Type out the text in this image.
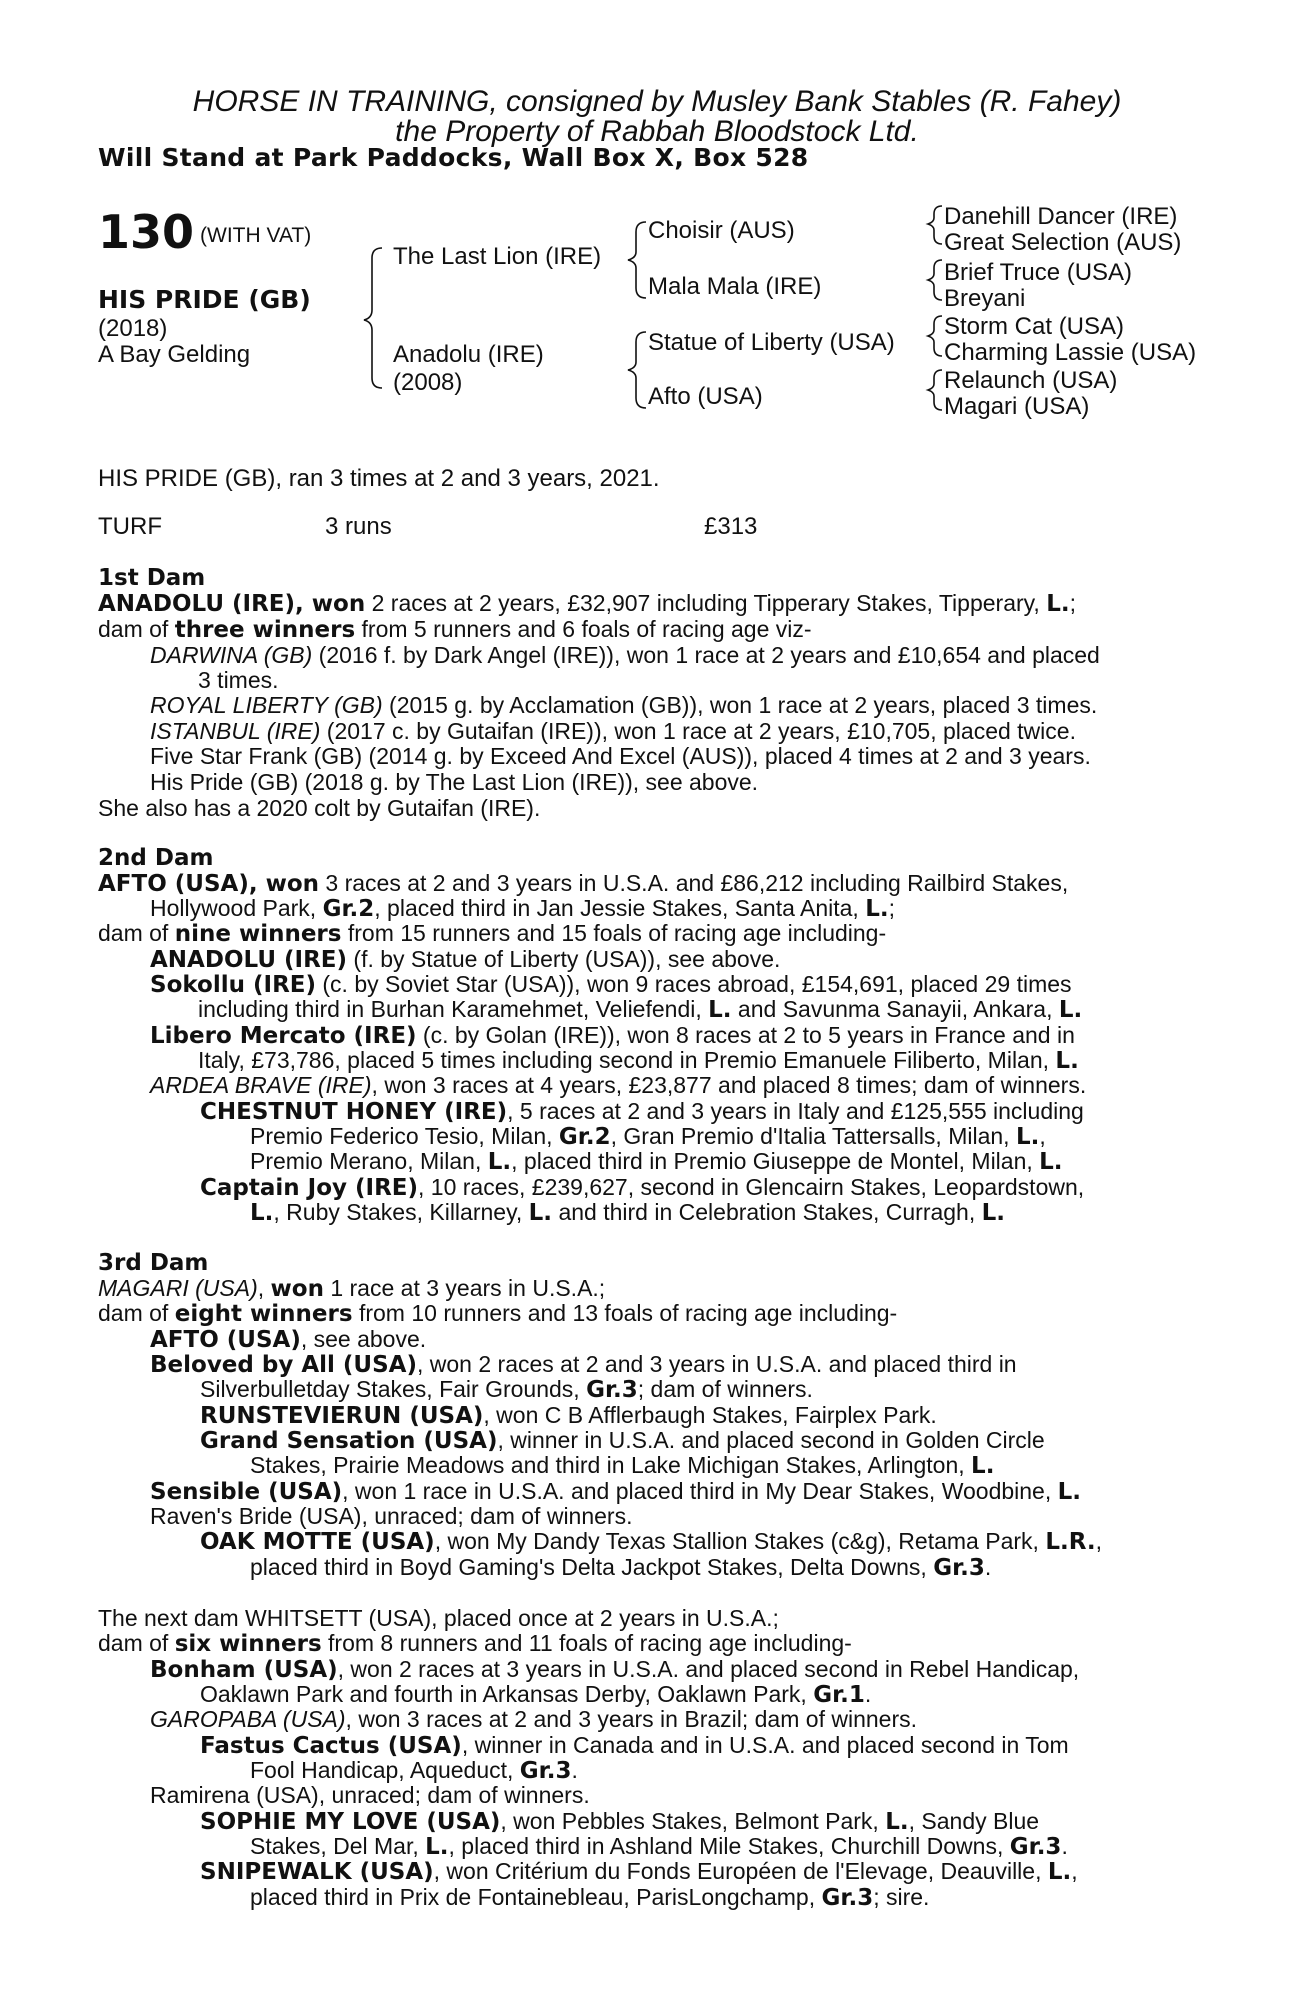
HORSE IN TRAINING, consigned by Musley Bank Stables (R. Fahey)
the Property of Rabbah Bloodstock Ltd.
Will Stand at Park Paddocks, Wall Box X, Box 528
130 (WITH VAT)
HIS PRIDE (GB)
(2018)
A Bay Gelding
The Last Lion (IRE)
Anadolu (IRE)
(2008)
Choisir (AUS)
Mala Mala (IRE)
Statue of Liberty (USA)
Afto (USA)
Danehill Dancer (IRE)
Great Selection (AUS)
Brief Truce (USA)
Breyani
Storm Cat (USA)
Charming Lassie (USA)
Relaunch (USA)
Magari (USA)
HIS PRIDE (GB), ran 3 times at 2 and 3 years, 2021.
TURF	3 runs	£313
1st Dam
ANADOLU (IRE), won 2 races at 2 years, £32,907 including Tipperary Stakes, Tipperary, L.;
dam of three winners from 5 runners and 6 foals of racing age viz-
DARWINA (GB) (2016 f. by Dark Angel (IRE)), won 1 race at 2 years and £10,654 and placed
3 times.
ROYAL LIBERTY (GB) (2015 g. by Acclamation (GB)), won 1 race at 2 years, placed 3 times.
ISTANBUL (IRE) (2017 c. by Gutaifan (IRE)), won 1 race at 2 years, £10,705, placed twice.
Five Star Frank (GB) (2014 g. by Exceed And Excel (AUS)), placed 4 times at 2 and 3 years.
His Pride (GB) (2018 g. by The Last Lion (IRE)), see above.
She also has a 2020 colt by Gutaifan (IRE).
2nd Dam
AFTO (USA), won 3 races at 2 and 3 years in U.S.A. and £86,212 including Railbird Stakes,
Hollywood Park, Gr.2, placed third in Jan Jessie Stakes, Santa Anita, L.;
dam of nine winners from 15 runners and 15 foals of racing age including-
ANADOLU (IRE) (f. by Statue of Liberty (USA)), see above.
Sokollu (IRE) (c. by Soviet Star (USA)), won 9 races abroad, £154,691, placed 29 times
including third in Burhan Karamehmet, Veliefendi, L. and Savunma Sanayii, Ankara, L.
Libero Mercato (IRE) (c. by Golan (IRE)), won 8 races at 2 to 5 years in France and in
Italy, £73,786, placed 5 times including second in Premio Emanuele Filiberto, Milan, L.
ARDEA BRAVE (IRE), won 3 races at 4 years, £23,877 and placed 8 times; dam of winners.
CHESTNUT HONEY (IRE), 5 races at 2 and 3 years in Italy and £125,555 including
Premio Federico Tesio, Milan, Gr.2, Gran Premio d'Italia Tattersalls, Milan, L.,
Premio Merano, Milan, L., placed third in Premio Giuseppe de Montel, Milan, L.
Captain Joy (IRE), 10 races, £239,627, second in Glencairn Stakes, Leopardstown,
L., Ruby Stakes, Killarney, L. and third in Celebration Stakes, Curragh, L.
3rd Dam
MAGARI (USA), won 1 race at 3 years in U.S.A.;
dam of eight winners from 10 runners and 13 foals of racing age including-
AFTO (USA), see above.
Beloved by All (USA), won 2 races at 2 and 3 years in U.S.A. and placed third in
Silverbulletday Stakes, Fair Grounds, Gr.3; dam of winners.
RUNSTEVIERUN (USA), won C B Afflerbaugh Stakes, Fairplex Park.
Grand Sensation (USA), winner in U.S.A. and placed second in Golden Circle
Stakes, Prairie Meadows and third in Lake Michigan Stakes, Arlington, L.
Sensible (USA), won 1 race in U.S.A. and placed third in My Dear Stakes, Woodbine, L.
Raven's Bride (USA), unraced; dam of winners.
OAK MOTTE (USA), won My Dandy Texas Stallion Stakes (c&g), Retama Park, L.R.,
placed third in Boyd Gaming's Delta Jackpot Stakes, Delta Downs, Gr.3.
The next dam WHITSETT (USA), placed once at 2 years in U.S.A.;
dam of six winners from 8 runners and 11 foals of racing age including-
Bonham (USA), won 2 races at 3 years in U.S.A. and placed second in Rebel Handicap,
Oaklawn Park and fourth in Arkansas Derby, Oaklawn Park, Gr.1.
GAROPABA (USA), won 3 races at 2 and 3 years in Brazil; dam of winners.
Fastus Cactus (USA), winner in Canada and in U.S.A. and placed second in Tom
Fool Handicap, Aqueduct, Gr.3.
Ramirena (USA), unraced; dam of winners.
SOPHIE MY LOVE (USA), won Pebbles Stakes, Belmont Park, L., Sandy Blue
Stakes, Del Mar, L., placed third in Ashland Mile Stakes, Churchill Downs, Gr.3.
SNIPEWALK (USA), won Critérium du Fonds Européen de l'Elevage, Deauville, L.,
placed third in Prix de Fontainebleau, ParisLongchamp, Gr.3; sire.
